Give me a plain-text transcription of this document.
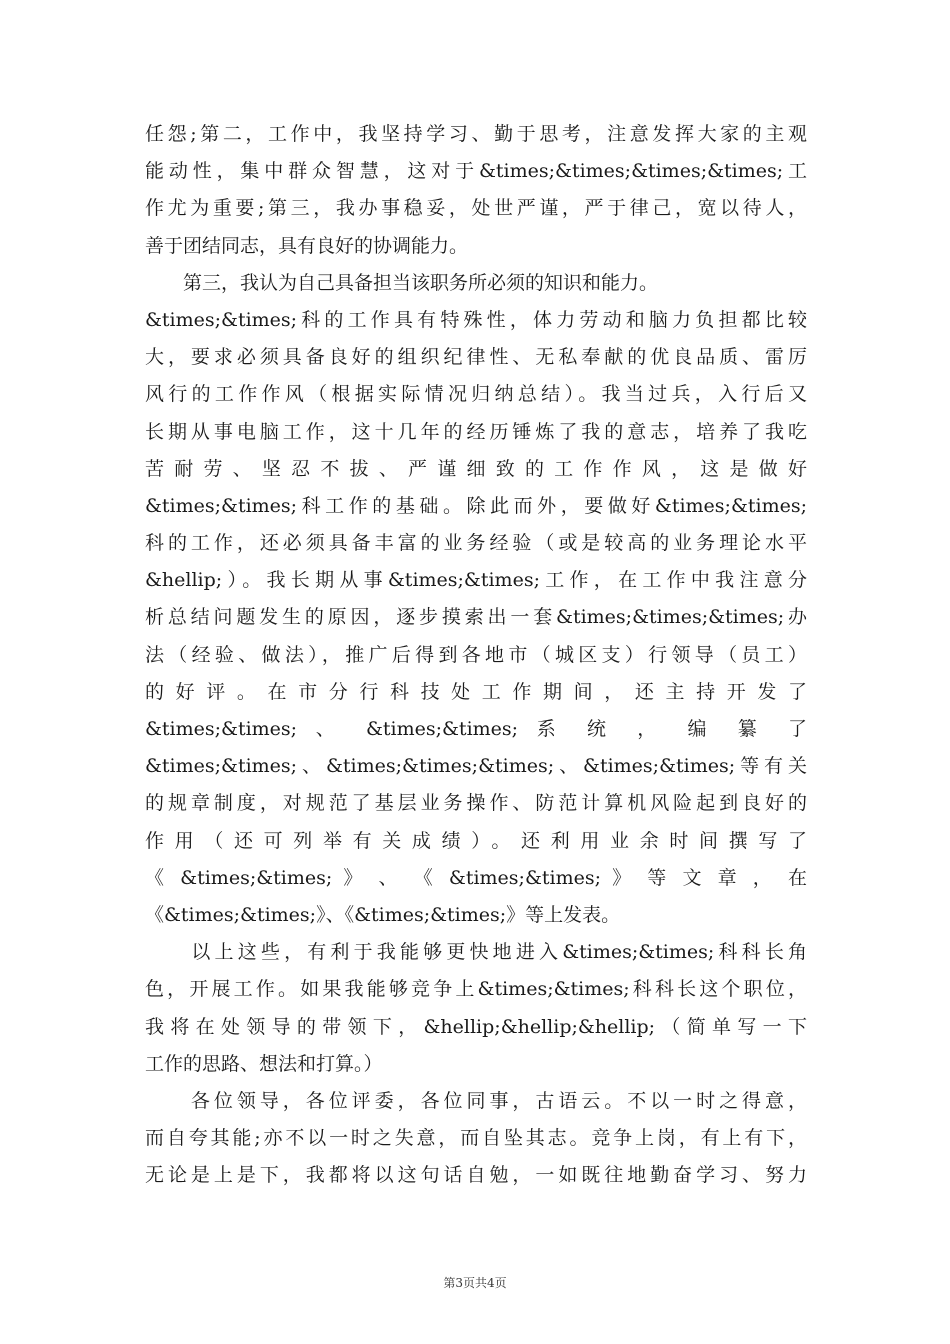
任怨;第二，工作中，我坚持学习、勤于思考，注意发挥大家的主观
能动性，集中群众智慧，这对于&times;&times;&times;&times;工
作尤为重要;第三，我办事稳妥，处世严谨，严于律己，宽以待人，
善于团结同志，具有良好的协调能力。
　　第三，我认为自己具备担当该职务所必须的知识和能力。
&times;&times;科的工作具有特殊性，体力劳动和脑力负担都比较
大，要求必须具备良好的组织纪律性、无私奉献的优良品质、雷厉
风行的工作作风（根据实际情况归纳总结）。我当过兵，入行后又
长期从事电脑工作，这十几年的经历锤炼了我的意志，培养了我吃
苦耐劳、坚忍不拔、严谨细致的工作作风，这是做好
&times;&times;科工作的基础。除此而外，要做好&times;&times;
科的工作，还必须具备丰富的业务经验（或是较高的业务理论水平
&hellip;）。我长期从事&times;&times;工作，在工作中我注意分
析总结问题发生的原因，逐步摸索出一套&times;&times;&times;办
法（经验、做法），推广后得到各地市（城区支）行领导（员工）
的好评。在市分行科技处工作期间，还主持开发了
&times;&times; 、 &times;&times; 系 统 ， 编 纂 了
&times;&times;、&times;&times;&times;、&times;&times;等有关
的规章制度，对规范了基层业务操作、防范计算机风险起到良好的
作用（还可列举有关成绩）。还利用业余时间撰写了
《 &times;&times; 》 、 《 &times;&times; 》 等 文 章 ， 在
《&times;&times;》、《&times;&times;》等上发表。
　　以上这些，有利于我能够更快地进入&times;&times;科科长角
色，开展工作。如果我能够竞争上&times;&times;科科长这个职位，
我将在处领导的带领下，&hellip;&hellip;&hellip;（简单写一下
工作的思路、想法和打算。）
　　各位领导，各位评委，各位同事，古语云。不以一时之得意，
而自夸其能;亦不以一时之失意，而自坠其志。竞争上岗，有上有下，
无论是上是下，我都将以这句话自勉，一如既往地勤奋学习、努力
第3页共4页
